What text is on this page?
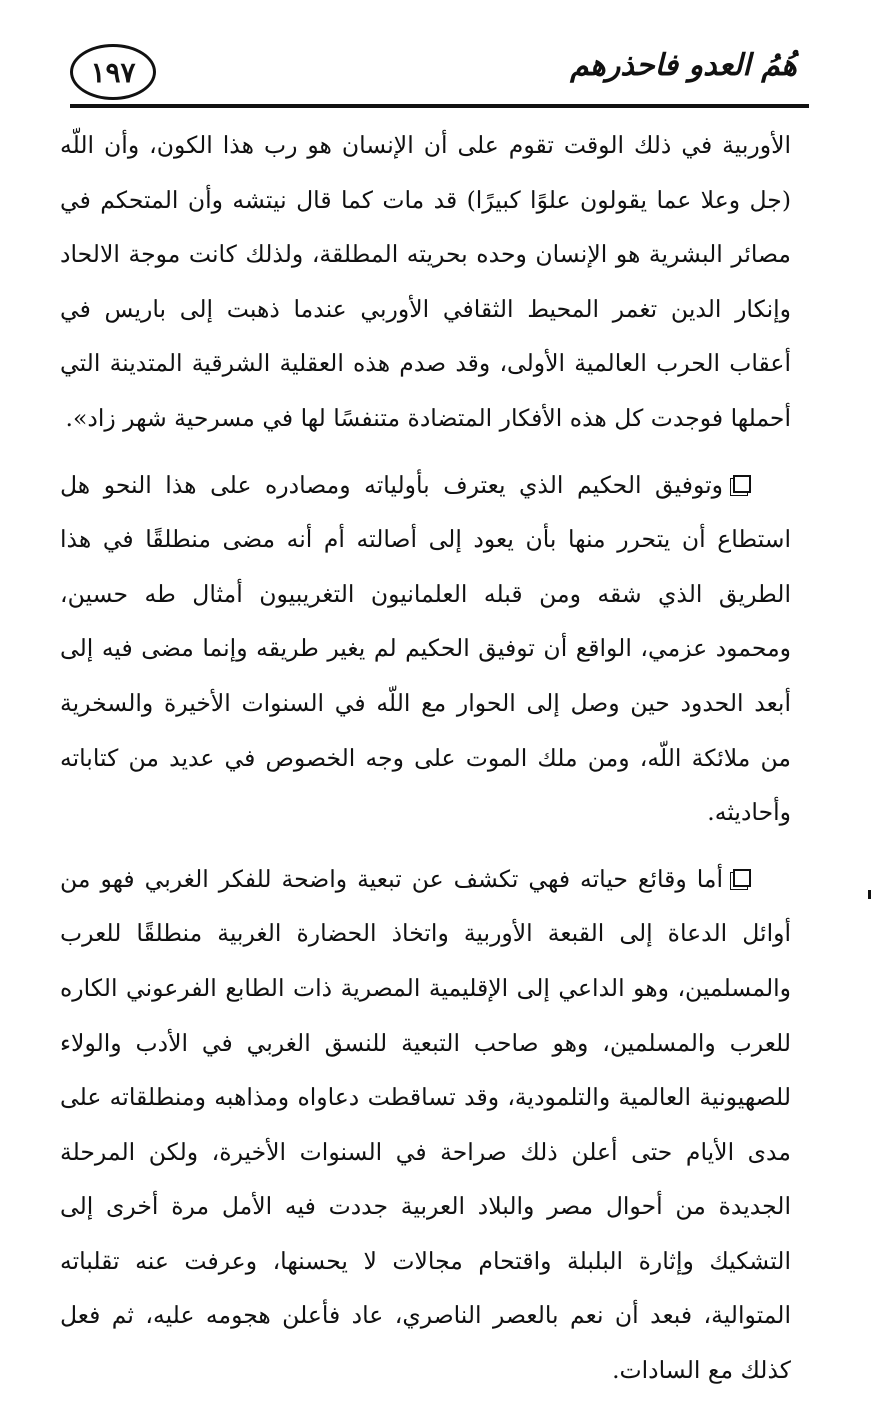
هُمُ العدو فاحذرهم
١٩٧

الأوربية في ذلك الوقت تقوم على أن الإنسان هو رب هذا الكون، وأن اللّه (جل وعلا عما يقولون علوًا كبيرًا) قد مات كما قال نيتشه وأن المتحكم في مصائر البشرية هو الإنسان وحده بحريته المطلقة، ولذلك كانت موجة الالحاد وإنكار الدين تغمر المحيط الثقافي الأوربي عندما ذهبت إلى باريس في أعقاب الحرب العالمية الأولى، وقد صدم هذه العقلية الشرقية المتدينة التي أحملها فوجدت كل هذه الأفكار المتضادة متنفسًا لها في مسرحية شهر زاد».

وتوفيق الحكيم الذي يعترف بأولياته ومصادره على هذا النحو هل استطاع أن يتحرر منها بأن يعود إلى أصالته أم أنه مضى منطلقًا في هذا الطريق الذي شقه ومن قبله العلمانيون التغريبيون أمثال طه حسين، ومحمود عزمي، الواقع أن توفيق الحكيم لم يغير طريقه وإنما مضى فيه إلى أبعد الحدود حين وصل إلى الحوار مع اللّه في السنوات الأخيرة والسخرية من ملائكة اللّه، ومن ملك الموت على وجه الخصوص في عديد من كتاباته وأحاديثه.

أما وقائع حياته فهي تكشف عن تبعية واضحة للفكر الغربي فهو من أوائل الدعاة إلى القبعة الأوربية واتخاذ الحضارة الغربية منطلقًا للعرب والمسلمين، وهو الداعي إلى الإقليمية المصرية ذات الطابع الفرعوني الكاره للعرب والمسلمين، وهو صاحب التبعية للنسق الغربي في الأدب والولاء للصهيونية العالمية والتلمودية، وقد تساقطت دعاواه ومذاهبه ومنطلقاته على مدى الأيام حتى أعلن ذلك صراحة في السنوات الأخيرة، ولكن المرحلة الجديدة من أحوال مصر والبلاد العربية جددت فيه الأمل مرة أخرى إلى التشكيك وإثارة البلبلة واقتحام مجالات لا يحسنها، وعرفت عنه تقلباته المتوالية، فبعد أن نعم بالعصر الناصري، عاد فأعلن هجومه عليه، ثم فعل كذلك مع السادات.
